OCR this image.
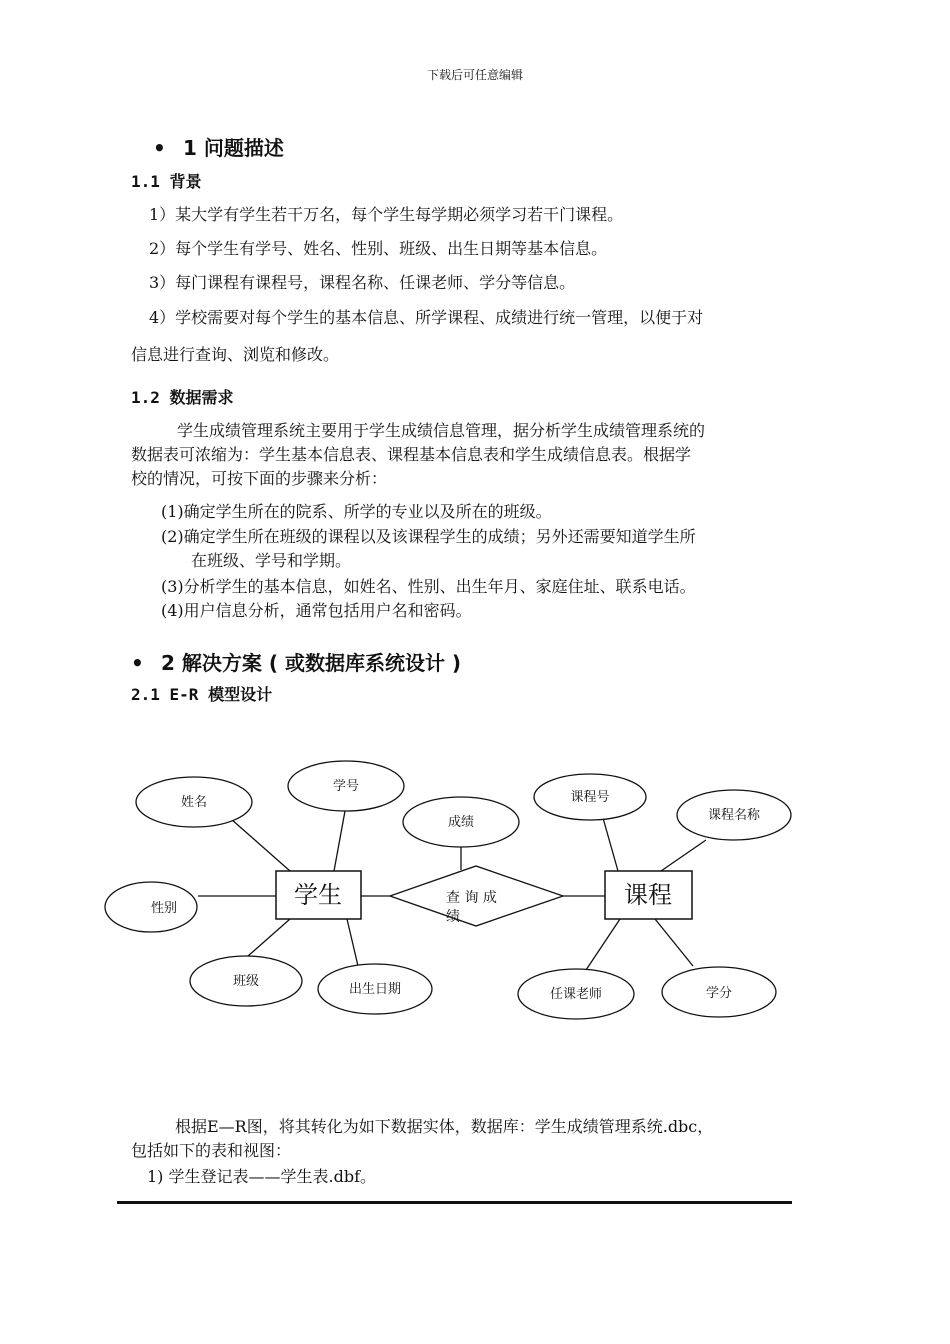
下载后可任意编辑
• 1 问题描述
1.1 背景
1）某大学有学生若干万名，每个学生每学期必须学习若干门课程。
2）每个学生有学号、姓名、性别、班级、出生日期等基本信息。
3）每门课程有课程号，课程名称、任课老师、学分等信息。
4）学校需要对每个学生的基本信息、所学课程、成绩进行统一管理，以便于对
信息进行查询、浏览和修改。
1.2 数据需求
学生成绩管理系统主要用于学生成绩信息管理，据分析学生成绩管理系统的
数据表可浓缩为：学生基本信息表、课程基本信息表和学生成绩信息表。根据学
校的情况，可按下面的步骤来分析：
(1)确定学生所在的院系、所学的专业以及所在的班级。
(2)确定学生所在班级的课程以及该课程学生的成绩；另外还需要知道学生所
在班级、学号和学期。
(3)分析学生的基本信息，如姓名、性别、出生年月、家庭住址、联系电话。
(4)用户信息分析，通常包括用户名和密码。
• 2 解决方案 ( 或数据库系统设计 )
2.1 E-R 模型设计
学生	课程
查 询 成
绩
姓名
学号
性别
班级
出生日期
成绩
课程号
课程名称
任课老师	学分
根据E—R图，将其转化为如下数据实体，数据库：学生成绩管理系统.dbc，
包括如下的表和视图：
1) 学生登记表——学生表.dbf。
